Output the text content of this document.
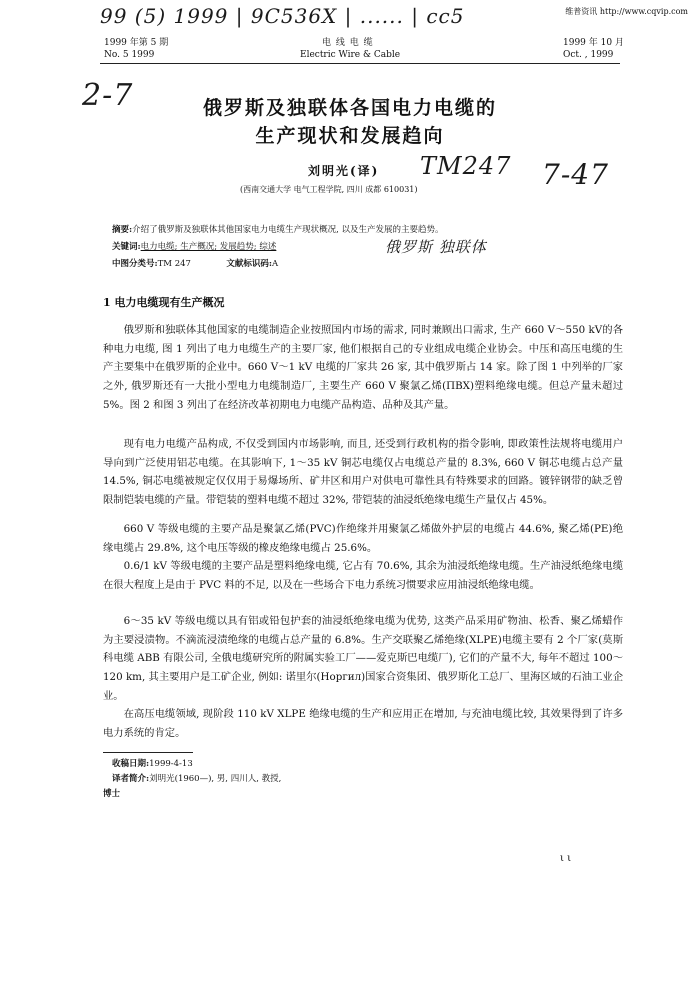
维普资讯 http://www.cqvip.com
99 (5) 1999 | 9C536X | ...... | cc5
1999 年第 5 期
No. 5 1999
电 线 电 缆
Electric Wire & Cable
1999 年 10 月
Oct. , 1999
2-7	俄罗斯及独联体各国电力电缆的
生产现状和发展趋向
刘明光(译) TM247
(西南交通大学 电气工程学院, 四川 成都 610031)	7-47
摘要:介绍了俄罗斯及独联体其他国家电力电缆生产现状概况, 以及生产发展的主要趋势。
关键词:电力电缆; 生产概况; 发展趋势; 综述	俄罗斯 独联体
中图分类号:TM 247	文献标识码:A
1 电力电缆现有生产概况

俄罗斯和独联体其他国家的电缆制造企业按照国内市场的需求, 同时兼顾出口需求, 生产 660 V～550 kV的各种电力电缆, 图 1 列出了电力电缆生产的主要厂家, 他们根据自己的专业组成电缆企业协会。中压和高压电缆的生产主要集中在俄罗斯的企业中。660 V～1 kV 电缆的厂家共 26 家, 其中俄罗斯占 14 家。除了图 1 中列举的厂家之外, 俄罗斯还有一大批小型电力电缆制造厂, 主要生产 660 V 聚氯乙烯(ПВХ)塑料绝缘电缆。但总产量未超过 5%。图 2 和图 3 列出了在经济改革初期电力电缆产品构造、品种及其产量。

现有电力电缆产品构成, 不仅受到国内市场影响, 而且, 还受到行政机构的指令影响, 即政策性法规将电缆用户导向到广泛使用铝芯电缆。在其影响下, 1～35 kV 铜芯电缆仅占电缆总产量的 8.3%, 660 V 铜芯电缆占总产量 14.5%, 铜芯电缆被规定仅仅用于易爆场所、矿井区和用户对供电可靠性具有特殊要求的回路。镀锌钢带的缺乏曾限制铠装电缆的产量。带铠装的塑料电缆不超过 32%, 带铠装的油浸纸绝缘电缆生产量仅占 45%。

660 V 等级电缆的主要产品是聚氯乙烯(PVC)作绝缘并用聚氯乙烯做外护层的电缆占 44.6%, 聚乙烯(PE)绝缘电缆占 29.8%, 这个电压等级的橡皮绝缘电缆占 25.6%。

0.6/1 kV 等级电缆的主要产品是塑料绝缘电缆, 它占有 70.6%, 其余为油浸纸绝缘电缆。生产油浸纸绝缘电缆在很大程度上是由于 PVC 料的不足, 以及在一些场合下电力系统习惯要求应用油浸纸绝缘电缆。

6～35 kV 等级电缆以具有铝或铅包护套的油浸纸绝缘电缆为优势, 这类产品采用矿物油、松香、聚乙烯蜡作为主要浸渍物。不滴流浸渍绝缘的电缆占总产量的 6.8%。生产交联聚乙烯绝缘(XLPE)电缆主要有 2 个厂家(莫斯科电缆 ABB 有限公司, 全俄电缆研究所的附属实验工厂——爱克斯巴电缆厂), 它们的产量不大, 每年不超过 100～120 km, 其主要用户是工矿企业, 例如: 诺里尔(Норгил)国家合资集团、俄罗斯化工总厂、里海区域的石油工业企业。

在高压电缆领域, 现阶段 110 kV XLPE 绝缘电缆的生产和应用正在增加, 与充油电缆比较, 其效果得到了许多电力系统的肯定。

收稿日期:1999-4-13
译者简介:刘明光(1960—), 男, 四川人, 教授,
博士
ι ι
